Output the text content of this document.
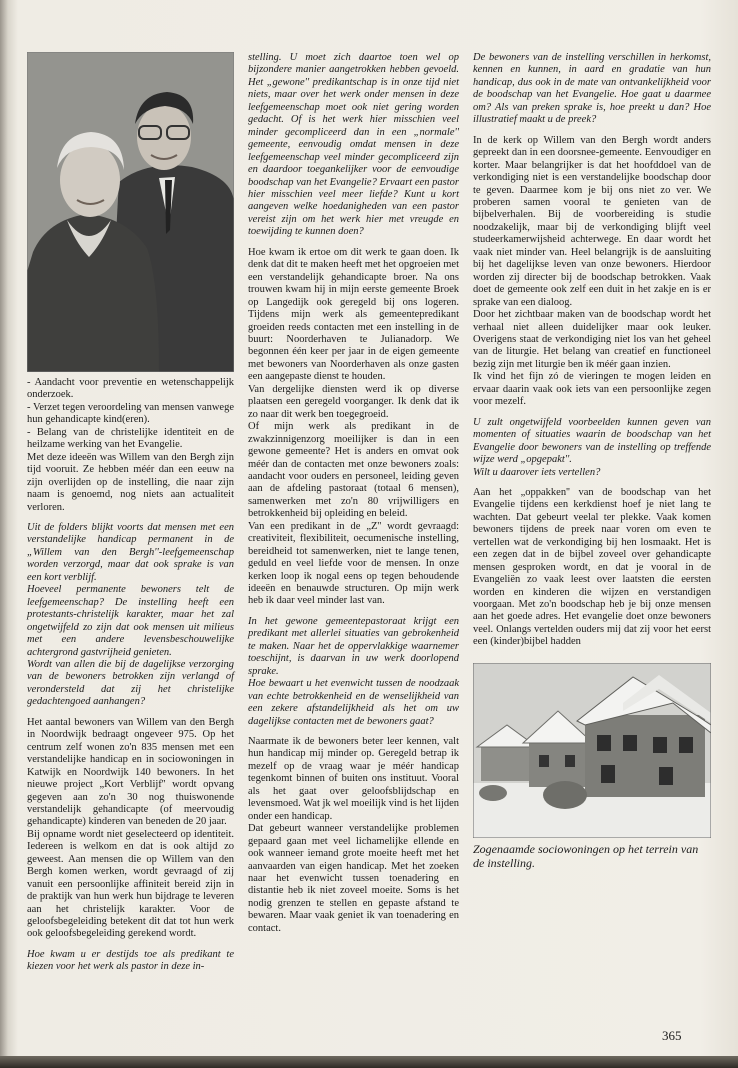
- Aandacht voor preventie en wetenschappelijk onderzoek.

- Verzet tegen veroordeling van mensen vanwege hun gehandicapte kind(eren).

- Belang van de christelijke identiteit en de heilzame werking van het Evangelie.

Met deze ideeën was Willem van den Bergh zijn tijd vooruit. Ze hebben méér dan een eeuw na zijn overlijden op de instelling, die naar zijn naam is genoemd, nog niets aan actualiteit verloren.

Uit de folders blijkt voorts dat mensen met een verstandelijke handicap permanent in de „Willem van den Bergh''-leefgemeenschap worden verzorgd, maar dat ook sprake is van een kort verblijf.

Hoeveel permanente bewoners telt de leefgemeenschap? De instelling heeft een protestants-christelijk karakter, maar het zal ongetwijfeld zo zijn dat ook mensen uit milieus met een andere levensbeschouwelijke achtergrond gastvrijheid genieten.

Wordt van allen die bij de dagelijkse verzorging van de bewoners betrokken zijn verlangd of verondersteld dat zij het christelijke gedachtengoed aanhangen?

Het aantal bewoners van Willem van den Bergh in Noordwijk bedraagt ongeveer 975. Op het centrum zelf wonen zo'n 835 mensen met een verstandelijke handicap en in sociowoningen in Katwijk en Noordwijk 140 bewoners. In het nieuwe project „Kort Verblijf'' wordt opvang gegeven aan zo'n 30 nog thuiswonende verstandelijk gehandicapte (of meervoudig gehandicapte) kinderen van beneden de 20 jaar.

Bij opname wordt niet geselecteerd op identiteit. Iedereen is welkom en dat is ook altijd zo geweest. Aan mensen die op Willem van den Bergh komen werken, wordt gevraagd of zij vanuit een persoonlijke affiniteit bereid zijn in de praktijk van hun werk hun bijdrage te leveren aan het christelijk karakter. Voor de geloofsbegeleiding betekent dit dat tot hun werk ook geloofsbegeleiding gerekend wordt.

Hoe kwam u er destijds toe als predikant te kiezen voor het werk als pastor in deze in-

stelling. U moet zich daartoe toen wel op bijzondere manier aangetrokken hebben gevoeld. Het „gewone'' predikantschap is in onze tijd niet niets, maar over het werk onder mensen in deze leefgemeenschap moet ook niet gering worden gedacht. Of is het werk hier misschien veel minder gecompliceerd dan in een „normale'' gemeente, eenvoudig omdat mensen in deze leefgemeenschap veel minder gecompliceerd zijn en daardoor toegankelijker voor de eenvoudige boodschap van het Evangelie? Ervaart een pastor hier misschien veel meer liefde? Kunt u kort aangeven welke hoedanigheden van een pastor vereist zijn om het werk hier met vreugde en toewijding te kunnen doen?

Hoe kwam ik ertoe om dit werk te gaan doen. Ik denk dat dit te maken heeft met het opgroeien met een verstandelijk gehandicapte broer. Na ons trouwen kwam hij in mijn eerste gemeente Broek op Langedijk ook geregeld bij ons logeren. Tijdens mijn werk als gemeentepredikant groeiden reeds contacten met een instelling in de buurt: Noorderhaven te Julianadorp. We begonnen één keer per jaar in de eigen gemeente met bewoners van Noorderhaven als onze gasten een aangepaste dienst te houden.

Van dergelijke diensten werd ik op diverse plaatsen een geregeld voorganger. Ik denk dat ik zo naar dit werk ben toegegroeid.

Of mijn werk als predikant in de zwakzinnigenzorg moeilijker is dan in een gewone gemeente? Het is anders en omvat ook méér dan de contacten met onze bewoners zoals: aandacht voor ouders en personeel, leiding geven aan de afdeling pastoraat (totaal 6 mensen), samenwerken met zo'n 80 vrijwilligers en betrokkenheid bij opleiding en beleid.

Van een predikant in de „Z'' wordt gevraagd: creativiteit, flexibiliteit, oecumenische instelling, bereidheid tot samenwerken, niet te lange tenen, geduld en veel liefde voor de mensen. In onze kerken loop ik nogal eens op tegen behoudende ideeën en benauwde structuren. Op mijn werk heb ik daar veel minder last van.

In het gewone gemeentepastoraat krijgt een predikant met allerlei situaties van gebrokenheid te maken. Naar het de oppervlakkige waarnemer toeschijnt, is daarvan in uw werk doorlopend sprake.

Hoe bewaart u het evenwicht tussen de noodzaak van echte betrokkenheid en de wenselijkheid van een zekere afstandelijkheid als het om uw dagelijkse contacten met de bewoners gaat?

Naarmate ik de bewoners beter leer kennen, valt hun handicap mij minder op. Geregeld betrap ik mezelf op de vraag waar je méér handicap tegenkomt binnen of buiten ons instituut. Vooral als het gaat over geloofsblijdschap en levensmoed. Wat jk wel moeilijk vind is het lijden onder een handicap.

Dat gebeurt wanneer verstandelijke problemen gepaard gaan met veel lichamelijke ellende en ook wanneer iemand grote moeite heeft met het aanvaarden van eigen handicap. Met het zoeken naar het evenwicht tussen toenadering en distantie heb ik niet zoveel moeite. Soms is het nodig grenzen te stellen en gepaste afstand te bewaren. Maar vaak geniet ik van toenadering en contact.

De bewoners van de instelling verschillen in herkomst, kennen en kunnen, in aard en gradatie van hun handicap, dus ook in de mate van ontvankelijkheid voor de boodschap van het Evangelie. Hoe gaat u daarmee om? Als van preken sprake is, hoe preekt u dan? Hoe illustratief maakt u de preek?

In de kerk op Willem van den Bergh wordt anders gepreekt dan in een doorsnee-gemeente. Eenvoudiger en korter. Maar belangrijker is dat het hoofddoel van de verkondiging niet is een verstandelijke boodschap door te geven. Daarmee kom je bij ons niet zo ver. We proberen samen vooral te genieten van de bijbelverhalen. Bij de voorbereiding is studie noodzakelijk, maar bij de verkondiging blijft veel studeerkamerwijsheid achterwege. En daar wordt het vaak niet minder van. Heel belangrijk is de aansluiting bij het dagelijkse leven van onze bewoners. Hierdoor worden zij directer bij de boodschap betrokken. Vaak doet de gemeente ook zelf een duit in het zakje en is er sprake van een dialoog.

Door het zichtbaar maken van de boodschap wordt het verhaal niet alleen duidelijker maar ook leuker. Overigens staat de verkondiging niet los van het geheel van de liturgie. Het belang van creatief en functioneel bezig zijn met liturgie ben ik méér gaan inzien.

Ik vind het fijn zó de vieringen te mogen leiden en ervaar daarin vaak ook iets van een persoonlijke zegen voor mezelf.

U zult ongetwijfeld voorbeelden kunnen geven van momenten of situaties waarin de boodschap van het Evangelie door bewoners van de instelling op treffende wijze werd „opgepakt''.

Wilt u daarover iets vertellen?

Aan het „oppakken'' van de boodschap van het Evangelie tijdens een kerkdienst hoef je niet lang te wachten. Dat gebeurt veelal ter plekke. Vaak komen bewoners tijdens de preek naar voren om even te vertellen wat de verkondiging bij hen losmaakt. Het is een zegen dat in de bijbel zoveel over gehandicapte mensen gesproken wordt, en dat je vooral in de Evangeliën zo vaak leest over laatsten die eersten worden en kinderen die wijzen en verstandigen voorgaan. Met zo'n boodschap heb je bij onze mensen aan het goede adres. Het evangelie doet onze bewoners veel. Onlangs vertelden ouders mij dat zij voor het eerst een (kinder)bijbel hadden

Zogenaamde sociowoningen op het terrein van de instelling.

365
